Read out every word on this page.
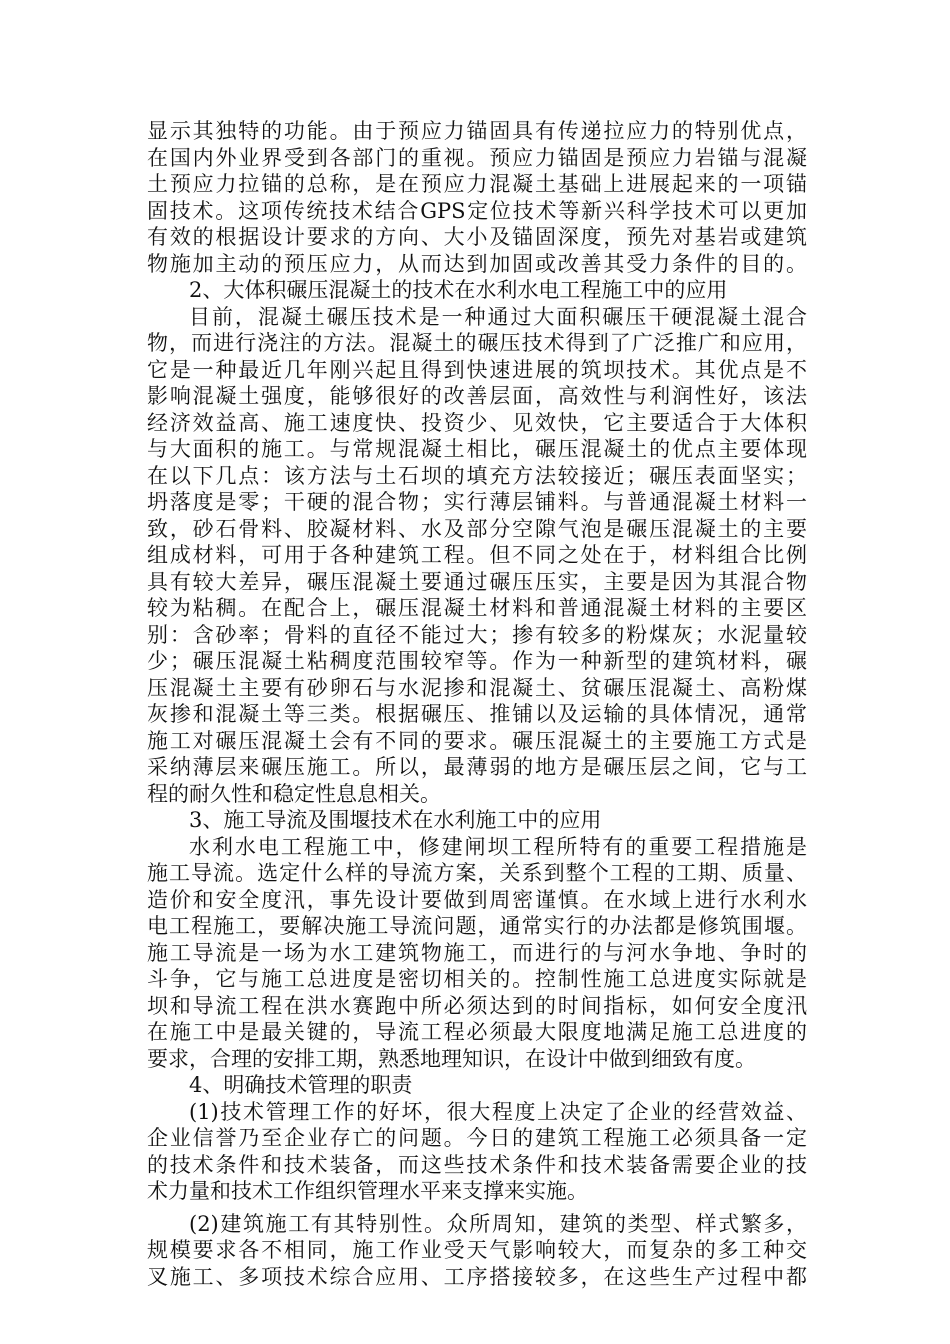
显示其独特的功能。由于预应力锚固具有传递拉应力的特别优点，
在国内外业界受到各部门的重视。预应力锚固是预应力岩锚与混凝
土预应力拉锚的总称，是在预应力混凝土基础上进展起来的一项锚
固技术。这项传统技术结合GPS定位技术等新兴科学技术可以更加
有效的根据设计要求的方向、大小及锚固深度，预先对基岩或建筑
物施加主动的预压应力，从而达到加固或改善其受力条件的目的。
2、大体积碾压混凝土的技术在水利水电工程施工中的应用
目前，混凝土碾压技术是一种通过大面积碾压干硬混凝土混合
物，而进行浇注的方法。混凝土的碾压技术得到了广泛推广和应用，
它是一种最近几年刚兴起且得到快速进展的筑坝技术。其优点是不
影响混凝土强度，能够很好的改善层面，高效性与利润性好，该法
经济效益高、施工速度快、投资少、见效快，它主要适合于大体积
与大面积的施工。与常规混凝土相比，碾压混凝土的优点主要体现
在以下几点：该方法与土石坝的填充方法较接近；碾压表面坚实；
坍落度是零；干硬的混合物；实行薄层铺料。与普通混凝土材料一
致，砂石骨料、胶凝材料、水及部分空隙气泡是碾压混凝土的主要
组成材料，可用于各种建筑工程。但不同之处在于，材料组合比例
具有较大差异，碾压混凝土要通过碾压压实，主要是因为其混合物
较为粘稠。在配合上，碾压混凝土材料和普通混凝土材料的主要区
别：含砂率；骨料的直径不能过大；掺有较多的粉煤灰；水泥量较
少；碾压混凝土粘稠度范围较窄等。作为一种新型的建筑材料，碾
压混凝土主要有砂卵石与水泥掺和混凝土、贫碾压混凝土、高粉煤
灰掺和混凝土等三类。根据碾压、推铺以及运输的具体情况，通常
施工对碾压混凝土会有不同的要求。碾压混凝土的主要施工方式是
采纳薄层来碾压施工。所以，最薄弱的地方是碾压层之间，它与工
程的耐久性和稳定性息息相关。
3、施工导流及围堰技术在水利施工中的应用
水利水电工程施工中，修建闸坝工程所特有的重要工程措施是
施工导流。选定什么样的导流方案，关系到整个工程的工期、质量、
造价和安全度汛，事先设计要做到周密谨慎。在水域上进行水利水
电工程施工，要解决施工导流问题，通常实行的办法都是修筑围堰。
施工导流是一场为水工建筑物施工，而进行的与河水争地、争时的
斗争，它与施工总进度是密切相关的。控制性施工总进度实际就是
坝和导流工程在洪水赛跑中所必须达到的时间指标，如何安全度汛
在施工中是最关键的，导流工程必须最大限度地满足施工总进度的
要求，合理的安排工期，熟悉地理知识，在设计中做到细致有度。
4、明确技术管理的职责
(1)技术管理工作的好坏，很大程度上决定了企业的经营效益、
企业信誉乃至企业存亡的问题。今日的建筑工程施工必须具备一定
的技术条件和技术装备，而这些技术条件和技术装备需要企业的技
术力量和技术工作组织管理水平来支撑来实施。
(2)建筑施工有其特别性。众所周知，建筑的类型、样式繁多，
规模要求各不相同，施工作业受天气影响较大，而复杂的多工种交
叉施工、多项技术综合应用、工序搭接较多，在这些生产过程中都
